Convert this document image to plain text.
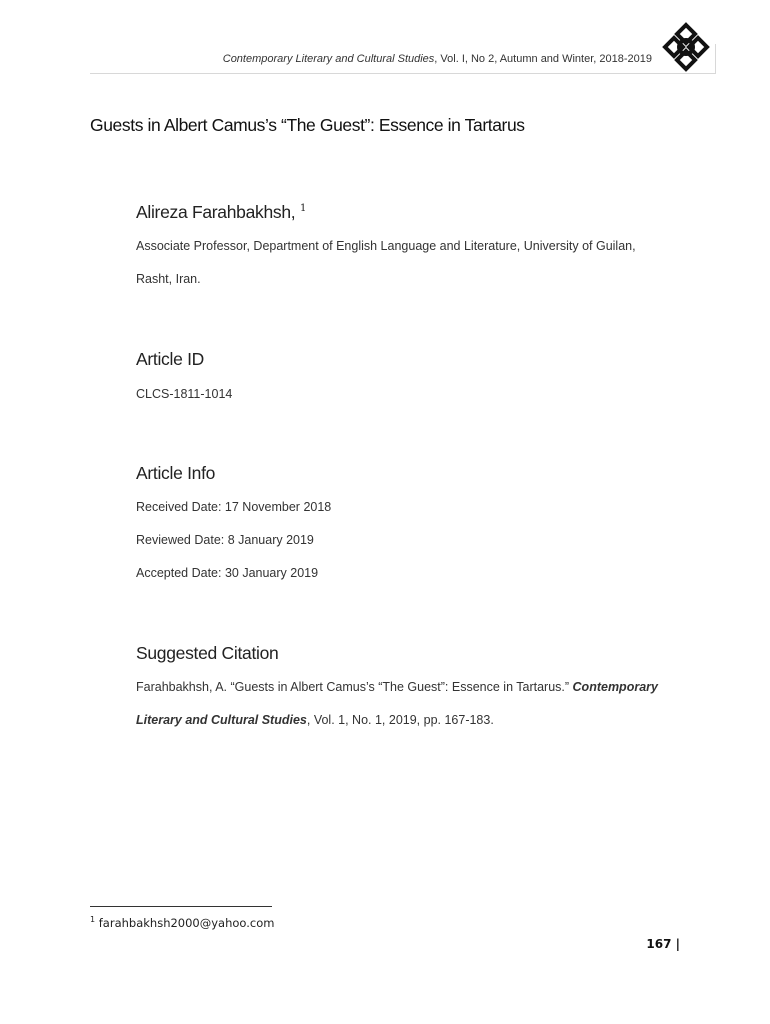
Contemporary Literary and Cultural Studies, Vol. I, No 2, Autumn and Winter, 2018-2019
Guests in Albert Camus’s “The Guest”: Essence in Tartarus
Alireza Farahbakhsh, $^1$
Associate Professor, Department of English Language and Literature, University of Guilan,
Rasht, Iran.
Article ID
CLCS-1811-1014
Article Info
Received Date: 17 November 2018
Reviewed Date: 8 January 2019
Accepted Date: 30 January 2019
Suggested Citation
Farahbakhsh, A. “Guests in Albert Camus’s “The Guest”: Essence in Tartarus.” Contemporary
Literary and Cultural Studies, Vol. 1, No. 1, 2019, pp. 167-183.
$^1$ farahbakhsh2000@yahoo.com
167 |
